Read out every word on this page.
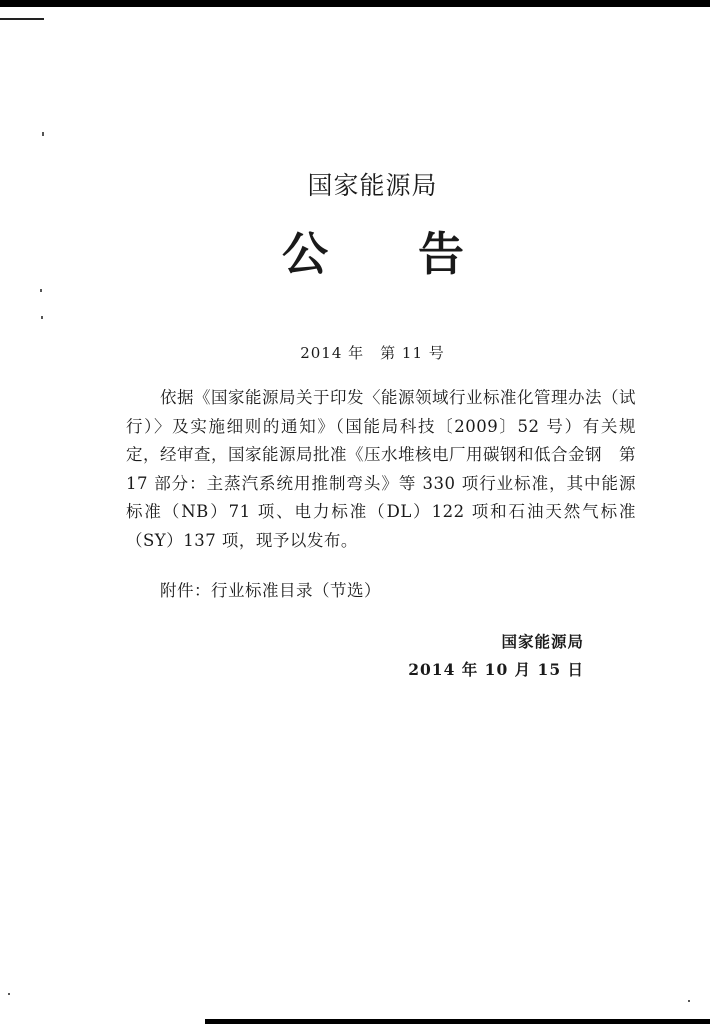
国家能源局
公 告
2014 年　第 11 号

依据《国家能源局关于印发〈能源领域行业标准化管理办法（试行）〉及实施细则的通知》（国能局科技〔2009〕52 号）有关规定，经审查，国家能源局批准《压水堆核电厂用碳钢和低合金钢　第 17 部分：主蒸汽系统用推制弯头》等 330 项行业标准，其中能源标准（NB）71 项、电力标准（DL）122 项和石油天然气标准（SY）137 项，现予以发布。

附件：行业标准目录（节选）
国家能源局
2014 年 10 月 15 日
